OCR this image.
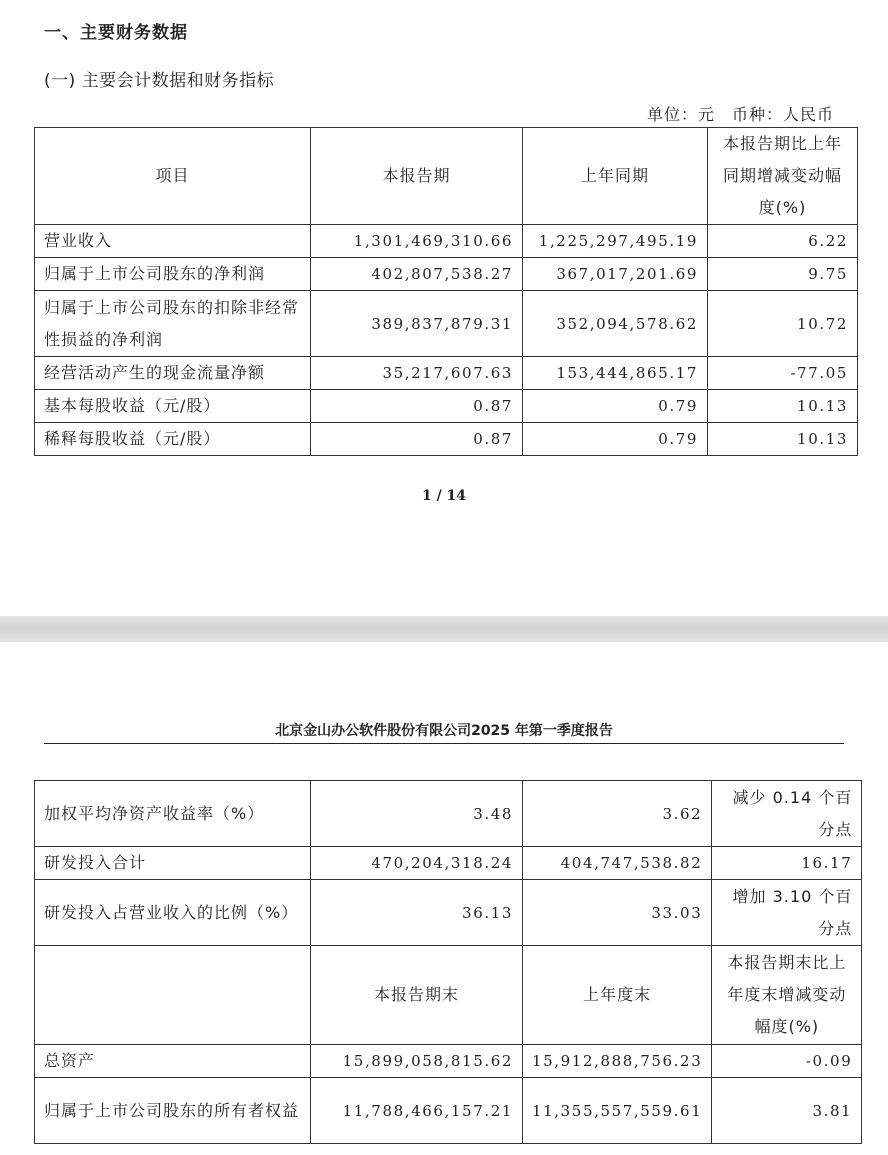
一、主要财务数据
(一) 主要会计数据和财务指标
单位：元　币种：人民币
项目	本报告期	上年同期	本报告期比上年同期增减变动幅度(%)
营业收入	1,301,469,310.66	1,225,297,495.19	6.22
归属于上市公司股东的净利润	402,807,538.27	367,017,201.69	9.75
归属于上市公司股东的扣除非经常性损益的净利润	389,837,879.31	352,094,578.62	10.72
经营活动产生的现金流量净额	35,217,607.63	153,444,865.17	-77.05
基本每股收益（元/股）	0.87	0.79	10.13
稀释每股收益（元/股）	0.87	0.79	10.13
1 / 14
北京金山办公软件股份有限公司2025 年第一季度报告
加权平均净资产收益率（%）	3.48	3.62	减少 0.14 个百分点
研发投入合计	470,204,318.24	404,747,538.82	16.17
研发投入占营业收入的比例（%）	36.13	33.03	增加 3.10 个百分点
	本报告期末	上年度末	本报告期末比上年度末增减变动幅度(%)
总资产	15,899,058,815.62	15,912,888,756.23	-0.09
归属于上市公司股东的所有者权益	11,788,466,157.21	11,355,557,559.61	3.81
